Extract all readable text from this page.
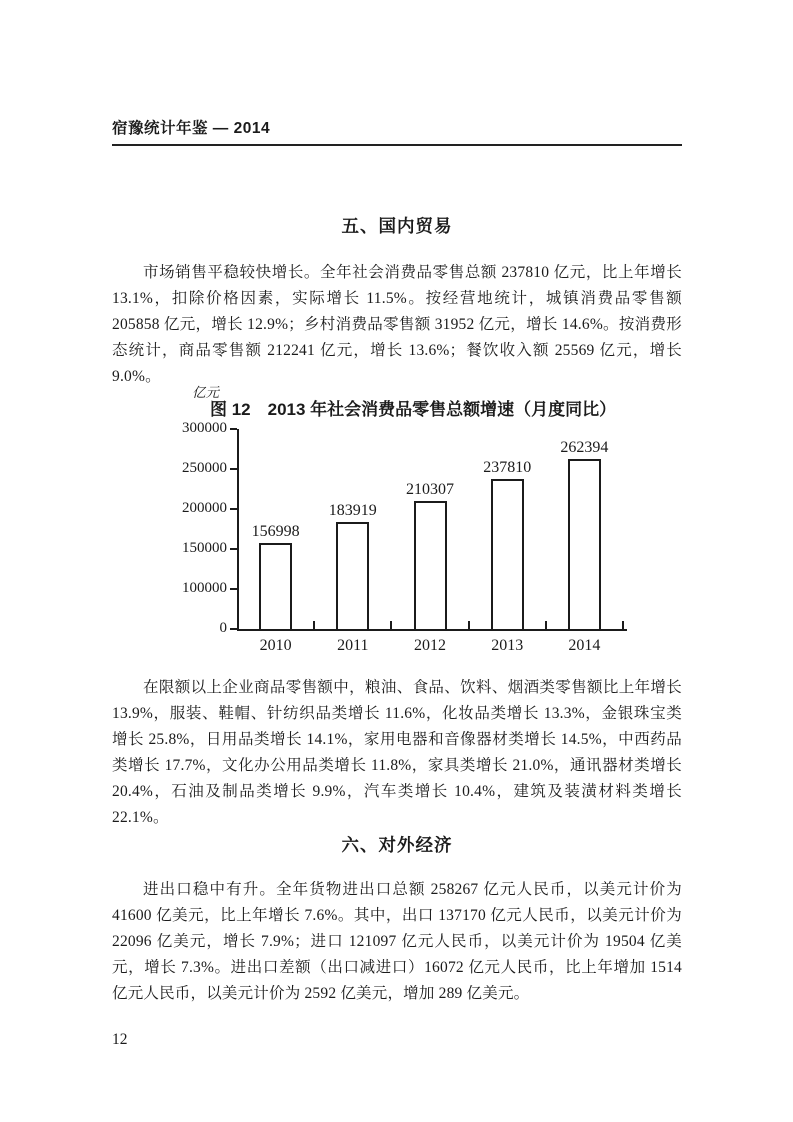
宿豫统计年鉴 — 2014
五、国内贸易

市场销售平稳较快增长。全年社会消费品零售总额 237810 亿元，比上年增长 13.1%，扣除价格因素，实际增长 11.5%。按经营地统计，城镇消费品零售额 205858 亿元，增长 12.9%；乡村消费品零售额 31952 亿元，增长 14.6%。按消费形态统计，商品零售额 212241 亿元，增长 13.6%；餐饮收入额 25569 亿元，增长 9.0%。

亿元
图 12　2013 年社会消费品零售总额增速（月度同比）
0
100000
150000
200000
250000
300000
156998
2010
183919
2011
210307
2012
237810
2013
262394
2014

在限额以上企业商品零售额中，粮油、食品、饮料、烟酒类零售额比上年增长 13.9%，服装、鞋帽、针纺织品类增长 11.6%，化妆品类增长 13.3%，金银珠宝类增长 25.8%，日用品类增长 14.1%，家用电器和音像器材类增长 14.5%，中西药品类增长 17.7%，文化办公用品类增长 11.8%，家具类增长 21.0%，通讯器材类增长 20.4%，石油及制品类增长 9.9%，汽车类增长 10.4%，建筑及装潢材料类增长 22.1%。

六、对外经济

进出口稳中有升。全年货物进出口总额 258267 亿元人民币，以美元计价为 41600 亿美元，比上年增长 7.6%。其中，出口 137170 亿元人民币，以美元计价为 22096 亿美元，增长 7.9%；进口 121097 亿元人民币，以美元计价为 19504 亿美元，增长 7.3%。进出口差额（出口减进口）16072 亿元人民币，比上年增加 1514 亿元人民币，以美元计价为 2592 亿美元，增加 289 亿美元。

12
